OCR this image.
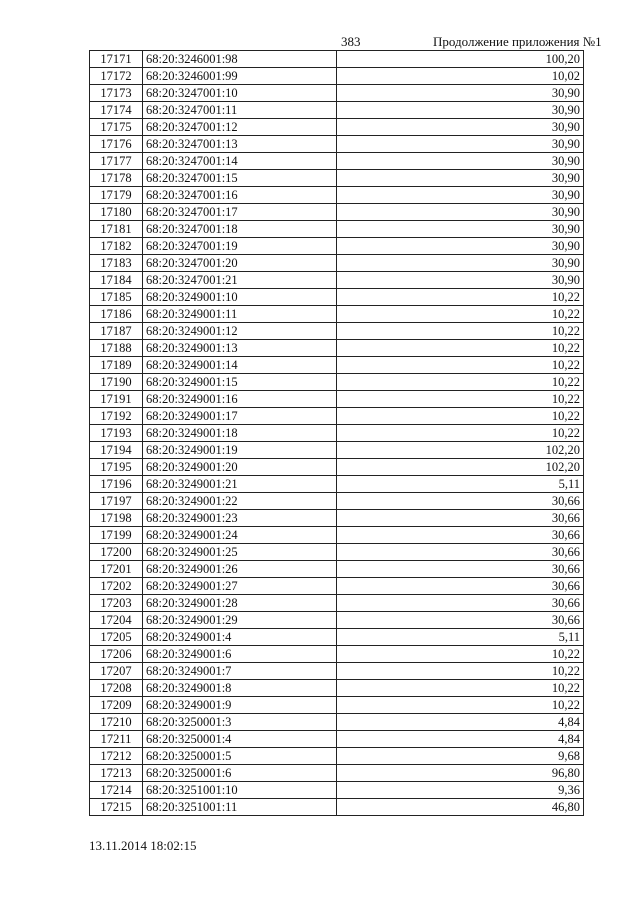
383	Продолжение приложения №1
17171	68:20:3246001:98	100,20
17172	68:20:3246001:99	10,02
17173	68:20:3247001:10	30,90
17174	68:20:3247001:11	30,90
17175	68:20:3247001:12	30,90
17176	68:20:3247001:13	30,90
17177	68:20:3247001:14	30,90
17178	68:20:3247001:15	30,90
17179	68:20:3247001:16	30,90
17180	68:20:3247001:17	30,90
17181	68:20:3247001:18	30,90
17182	68:20:3247001:19	30,90
17183	68:20:3247001:20	30,90
17184	68:20:3247001:21	30,90
17185	68:20:3249001:10	10,22
17186	68:20:3249001:11	10,22
17187	68:20:3249001:12	10,22
17188	68:20:3249001:13	10,22
17189	68:20:3249001:14	10,22
17190	68:20:3249001:15	10,22
17191	68:20:3249001:16	10,22
17192	68:20:3249001:17	10,22
17193	68:20:3249001:18	10,22
17194	68:20:3249001:19	102,20
17195	68:20:3249001:20	102,20
17196	68:20:3249001:21	5,11
17197	68:20:3249001:22	30,66
17198	68:20:3249001:23	30,66
17199	68:20:3249001:24	30,66
17200	68:20:3249001:25	30,66
17201	68:20:3249001:26	30,66
17202	68:20:3249001:27	30,66
17203	68:20:3249001:28	30,66
17204	68:20:3249001:29	30,66
17205	68:20:3249001:4	5,11
17206	68:20:3249001:6	10,22
17207	68:20:3249001:7	10,22
17208	68:20:3249001:8	10,22
17209	68:20:3249001:9	10,22
17210	68:20:3250001:3	4,84
17211	68:20:3250001:4	4,84
17212	68:20:3250001:5	9,68
17213	68:20:3250001:6	96,80
17214	68:20:3251001:10	9,36
17215	68:20:3251001:11	46,80
13.11.2014 18:02:15
